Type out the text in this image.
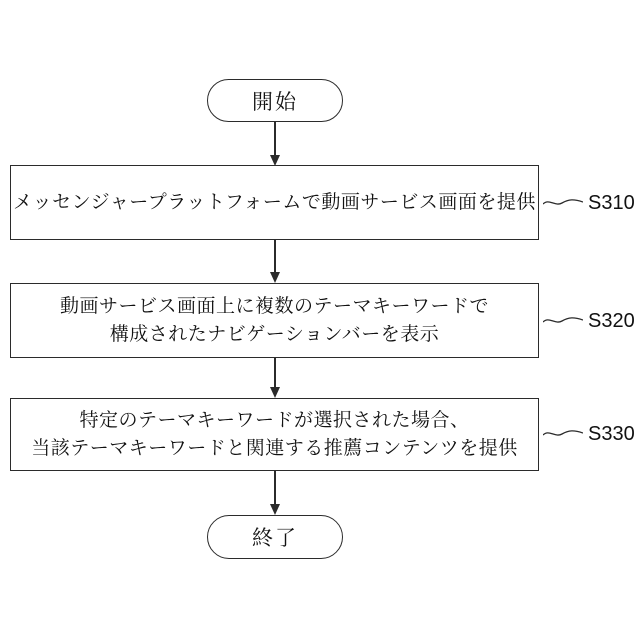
開始
メッセンジャープラットフォームで動画サービス画面を提供	S310
動画サービス画面上に複数のテーマキーワードで
構成されたナビゲーションバーを表示
S320
特定のテーマキーワードが選択された場合、
当該テーマキーワードと関連する推薦コンテンツを提供
S330
終了
